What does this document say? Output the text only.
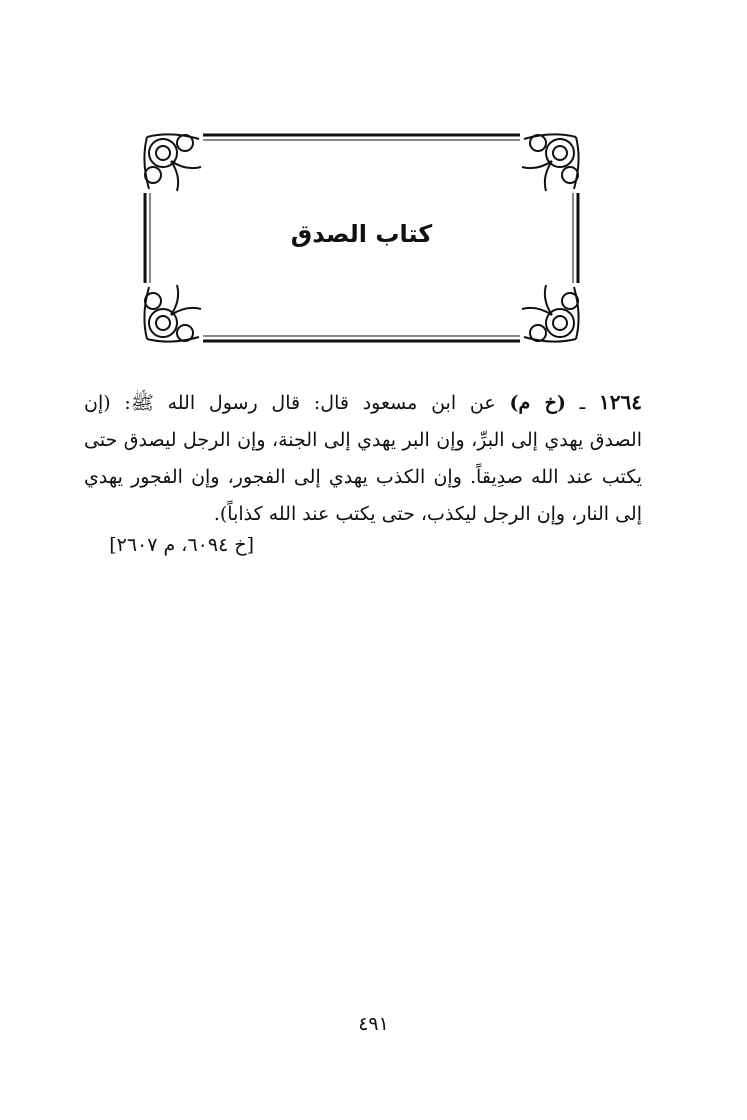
كتاب الصدق
١٢٦٤ ـ (خ م) عن ابن مسعود قال: قال رسول الله ﷺ: (إن
الصدق يهدي إلى البرِّ، وإن البر يهدي إلى الجنة، وإن الرجل ليصدق حتى
يكتب عند الله صدِيقاً. وإن الكذب يهدي إلى الفجور، وإن الفجور يهدي
إلى النار، وإن الرجل ليكذب، حتى يكتب عند الله كذاباً).
[خ ٦٠٩٤، م ٢٦٠٧]
٤٩١
